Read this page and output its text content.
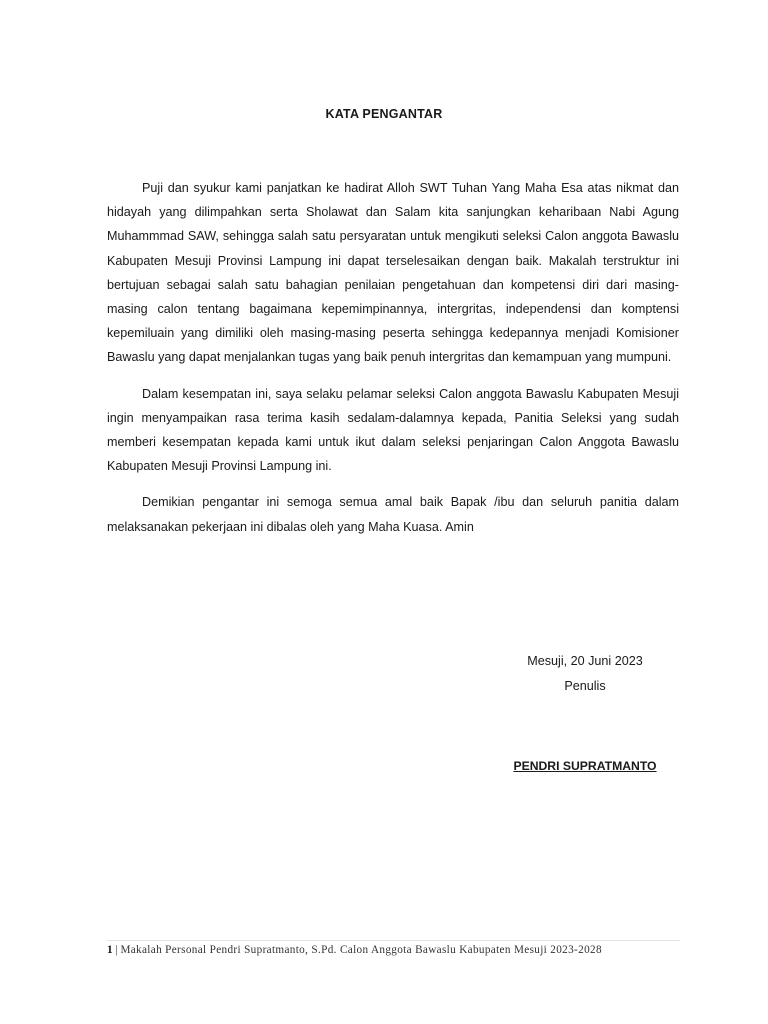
KATA PENGANTAR

Puji dan syukur kami panjatkan ke hadirat Alloh SWT Tuhan Yang Maha Esa atas nikmat dan hidayah yang dilimpahkan serta Sholawat dan Salam kita sanjungkan keharibaan Nabi Agung Muhammmad SAW, sehingga salah satu persyaratan untuk mengikuti seleksi Calon anggota Bawaslu Kabupaten Mesuji Provinsi Lampung ini dapat terselesaikan dengan baik. Makalah terstruktur ini bertujuan sebagai salah satu bahagian penilaian pengetahuan dan kompetensi diri dari masing-masing calon tentang bagaimana kepemimpinannya, intergritas, independensi dan komptensi kepemiluain yang dimiliki oleh masing-masing peserta sehingga kedepannya menjadi Komisioner Bawaslu yang dapat menjalankan tugas yang baik penuh intergritas dan kemampuan yang mumpuni.

Dalam kesempatan ini, saya selaku pelamar seleksi Calon anggota Bawaslu Kabupaten Mesuji ingin menyampaikan rasa terima kasih sedalam-dalamnya kepada, Panitia Seleksi yang sudah memberi kesempatan kepada kami untuk ikut dalam seleksi penjaringan Calon Anggota Bawaslu Kabupaten Mesuji Provinsi Lampung ini.

Demikian pengantar ini semoga semua amal baik Bapak /ibu dan seluruh panitia dalam melaksanakan pekerjaan ini dibalas oleh yang Maha Kuasa. Amin

Mesuji, 20 Juni 2023
Penulis
PENDRI SUPRATMANTO
1 | Makalah Personal Pendri Supratmanto, S.Pd. Calon Anggota Bawaslu Kabupaten Mesuji 2023-2028
